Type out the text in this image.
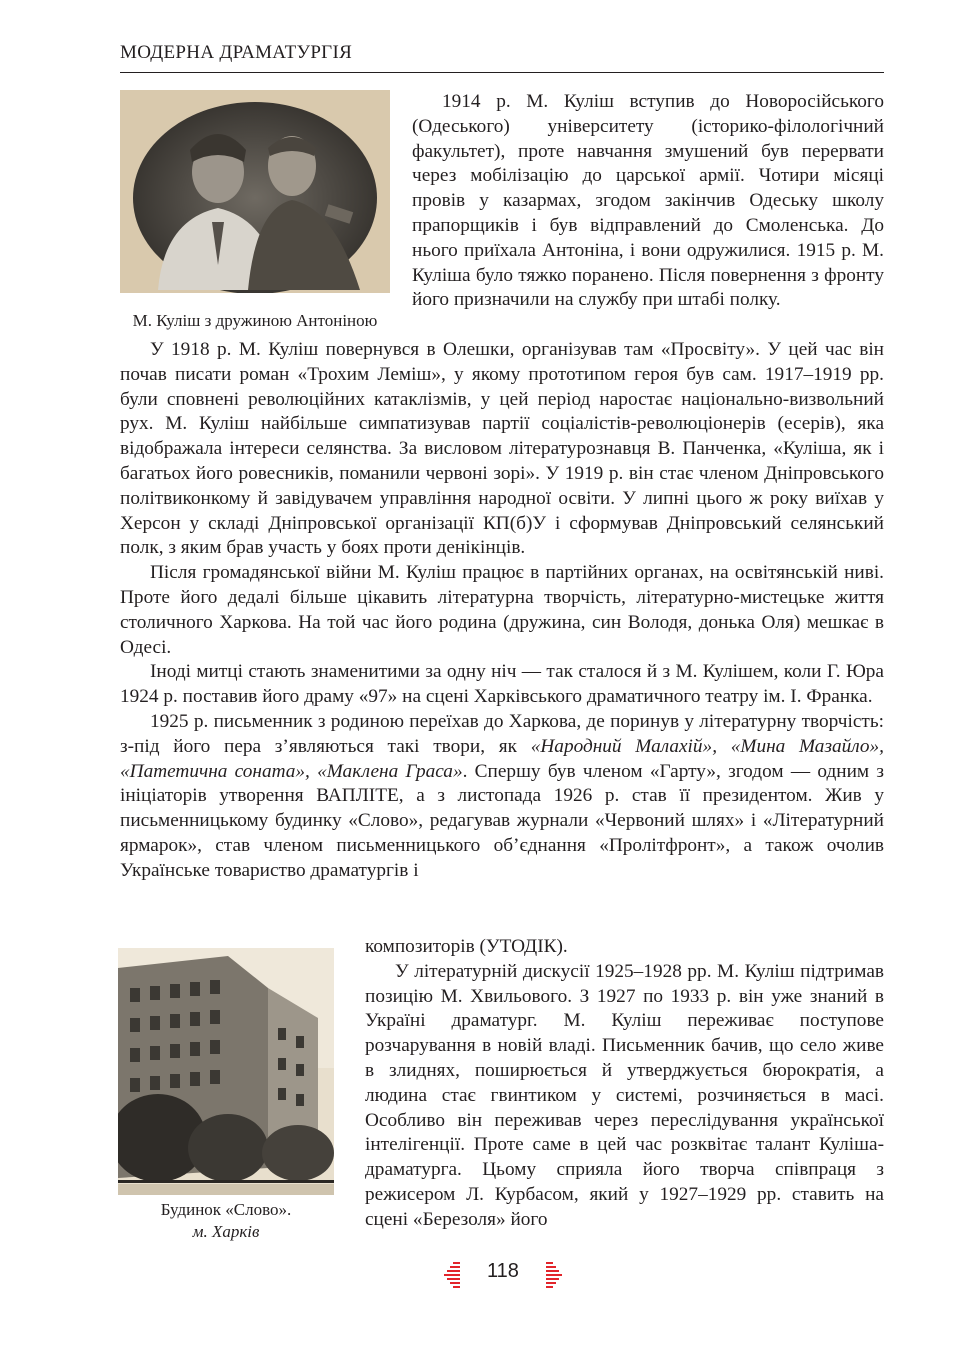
МОДЕРНА ДРАМАТУРГІЯ
М. Куліш з дружиною Антоніною
Будинок «Слово».
м. Харків

1914 р. М. Куліш вступив до Новоросійського (Одеського) університету (історико-філологічний факультет), проте навчання змушений був перервати через мобілізацію до царської армії. Чотири місяці провів у казармах, згодом закінчив Одеську школу прапорщиків і був відправлений до Смоленська. До нього приїхала Антоніна, і вони одружилися. 1915 р. М. Куліша було тяжко поранено. Після повернення з фронту його призначили на службу при штабі полку.

У 1918 р. М. Куліш повернувся в Олешки, організував там «Просвіту». У цей час він почав писати роман «Трохим Леміш», у якому прототипом героя був сам. 1917–1919 рр. були сповнені революційних катаклізмів, у цей період наростає національно-визвольний рух. М. Куліш найбільше симпатизував партії соціалістів-революціонерів (есерів), яка відображала інтереси селянства. За висловом літературознавця В. Панченка, «Куліша, як і багатьох його ровесників, поманили червоні зорі». У 1919 р. він стає членом Дніпровського політвиконкому й завідувачем управління народної освіти. У липні цього ж року виїхав у Херсон у складі Дніпровської організації КП(б)У і сформував Дніпровський селянський полк, з яким брав участь у боях проти денікінців.

Після громадянської війни М. Куліш працює в партійних органах, на освітянській ниві. Проте його дедалі більше цікавить літературна творчість, літературно-мистецьке життя столичного Харкова. На той час його родина (дружина, син Володя, донька Оля) мешкає в Одесі.

Іноді митці стають знаменитими за одну ніч — так сталося й з М. Кулішем, коли Г. Юра 1924 р. поставив його драму «97» на сцені Харківського драматичного театру ім. І. Франка.

1925 р. письменник з родиною переїхав до Харкова, де поринув у літературну творчість: з-під його пера з’являються такі твори, як «Народний Малахій», «Мина Мазайло», «Патетична соната», «Маклена Граса». Спершу був членом «Гарту», згодом — одним з ініціаторів утворення ВАПЛІТЕ, а з листопада 1926 р. став її президентом. Жив у письменницькому будинку «Слово», редагував журнали «Червоний шлях» і «Літературний ярмарок», став членом письменницького об’єднання «Пролітфронт», а також очолив Українське товариство драматургів і

композиторів (УТОДІК).

У літературній дискусії 1925–1928 рр. М. Куліш підтримав позицію М. Хвильового. З 1927 по 1933 р. він уже знаний в Україні драматург. М. Куліш переживає поступове розчарування в новій владі. Письменник бачив, що село живе в злиднях, поширюється й утверджується бюрократія, а людина стає гвинтиком у системі, розчиняється в масі. Особливо він переживав через переслідування української інтелігенції. Проте саме в цей час розквітає талант Куліша-драматурга. Цьому сприяла його творча співпраця з режисером Л. Курбасом, який у 1927–1929 рр. ставить на сцені «Березоля» його

118
